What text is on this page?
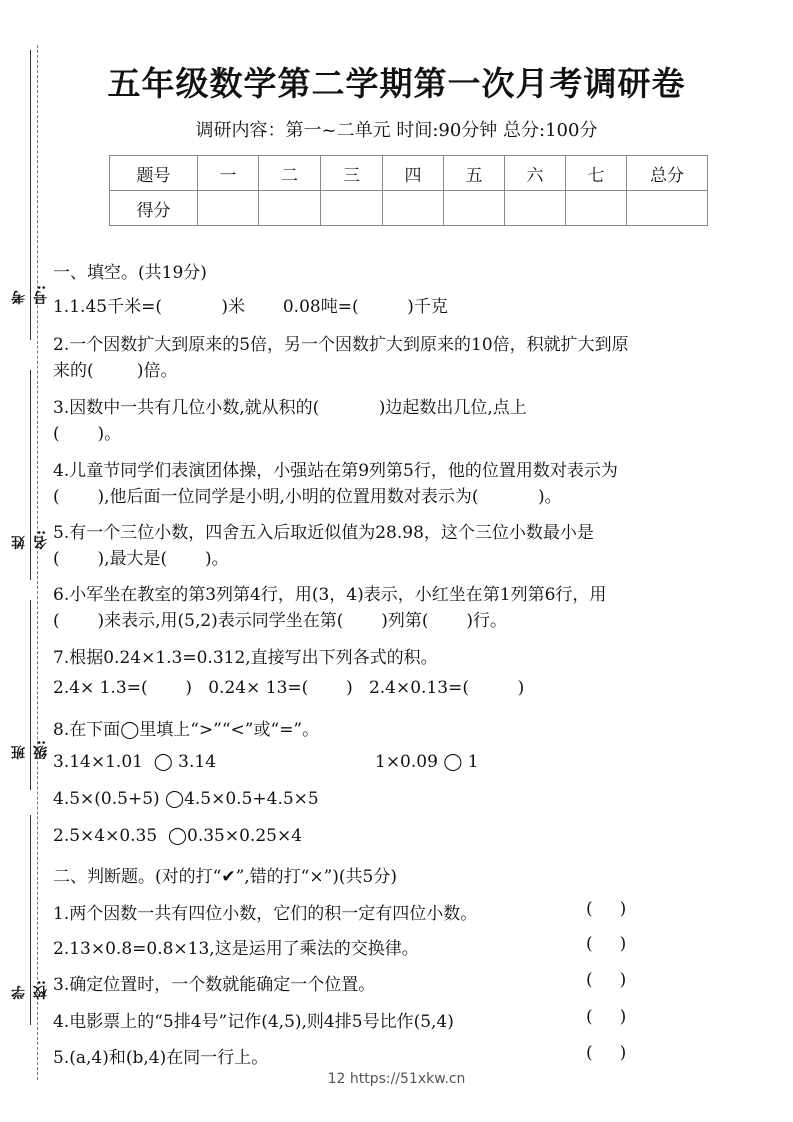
考号:
姓名:
班级:
学校:
五年级数学第二学期第一次月考调研卷
调研内容：第一~二单元 时间:90分钟 总分:100分
题号	一	二	三	四	五	六	七	总分
得分								
一、填空。(共19分)
1.1.45千米=(           )米       0.08吨=(         )千克
2.一个因数扩大到原来的5倍，另一个因数扩大到原来的10倍，积就扩大到原
来的(        )倍。
3.因数中一共有几位小数,就从积的(           )边起数出几位,点上
(       )。
4.儿童节同学们表演团体操，小强站在第9列第5行，他的位置用数对表示为
(       ),他后面一位同学是小明,小明的位置用数对表示为(           )。
5.有一个三位小数，四舍五入后取近似值为28.98，这个三位小数最小是
(       ),最大是(       )。
6.小军坐在教室的第3列第4行，用(3，4)表示，小红坐在第1列第6行，用
(       )来表示,用(5,2)表示同学坐在第(       )列第(       )行。
7.根据0.24×1.3=0.312,直接写出下列各式的积。
2.4× 1.3=(       )   0.24× 13=(       )   2.4×0.13=(         )
8.在下面◯里填上“>”“<”或“=”。
3.14×1.01  ◯ 3.14	1×0.09 ◯ 1
4.5×(0.5+5) ◯4.5×0.5+4.5×5
2.5×4×0.35  ◯0.35×0.25×4
二、判断题。(对的打“✔”,错的打“×”)(共5分)
1.两个因数一共有四位小数，它们的积一定有四位小数。	(     )
2.13×0.8=0.8×13,这是运用了乘法的交换律。	(     )
3.确定位置时，一个数就能确定一个位置。	(     )
4.电影票上的“5排4号”记作(4,5),则4排5号比作(5,4)	(     )
5.(a,4)和(b,4)在同一行上。	(     )
12 https://51xkw.cn
